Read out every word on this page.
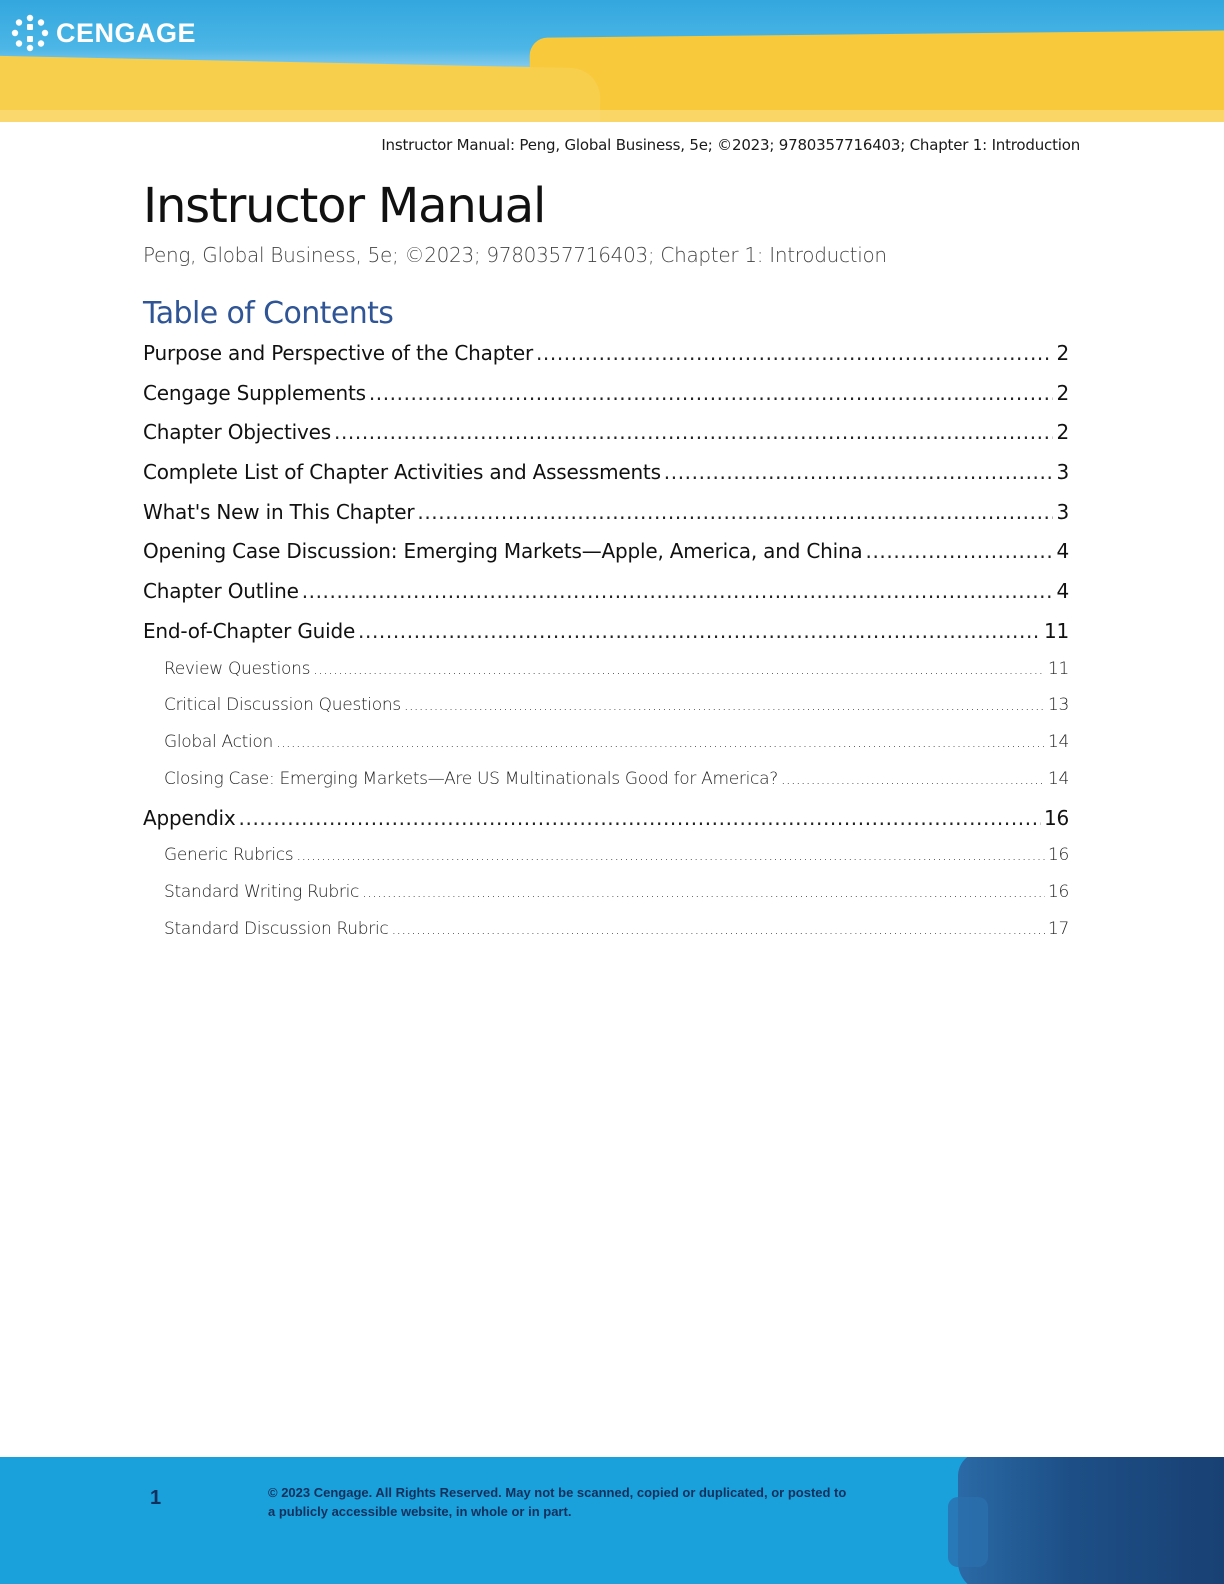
CENGAGE
Instructor Manual: Peng, Global Business, 5e; ©2023; 9780357716403; Chapter 1: Introduction
Instructor Manual
Peng, Global Business, 5e; ©2023; 9780357716403; Chapter 1: Introduction
Table of Contents
Purpose and Perspective of the Chapter .....	2
Cengage Supplements .....	2
Chapter Objectives .....	2
Complete List of Chapter Activities and Assessments .....	3
What's New in This Chapter .....	3
Opening Case Discussion: Emerging Markets—Apple, America, and China .....	4
Chapter Outline .....	4
End-of-Chapter Guide .....	11
Review Questions .....	11
Critical Discussion Questions .....	13
Global Action .....	14
Closing Case: Emerging Markets—Are US Multinationals Good for America? .....	14
Appendix .....	16
Generic Rubrics .....	16
Standard Writing Rubric .....	16
Standard Discussion Rubric .....	17
1	© 2023 Cengage. All Rights Reserved. May not be scanned, copied or duplicated, or posted to
a publicly accessible website, in whole or in part.
